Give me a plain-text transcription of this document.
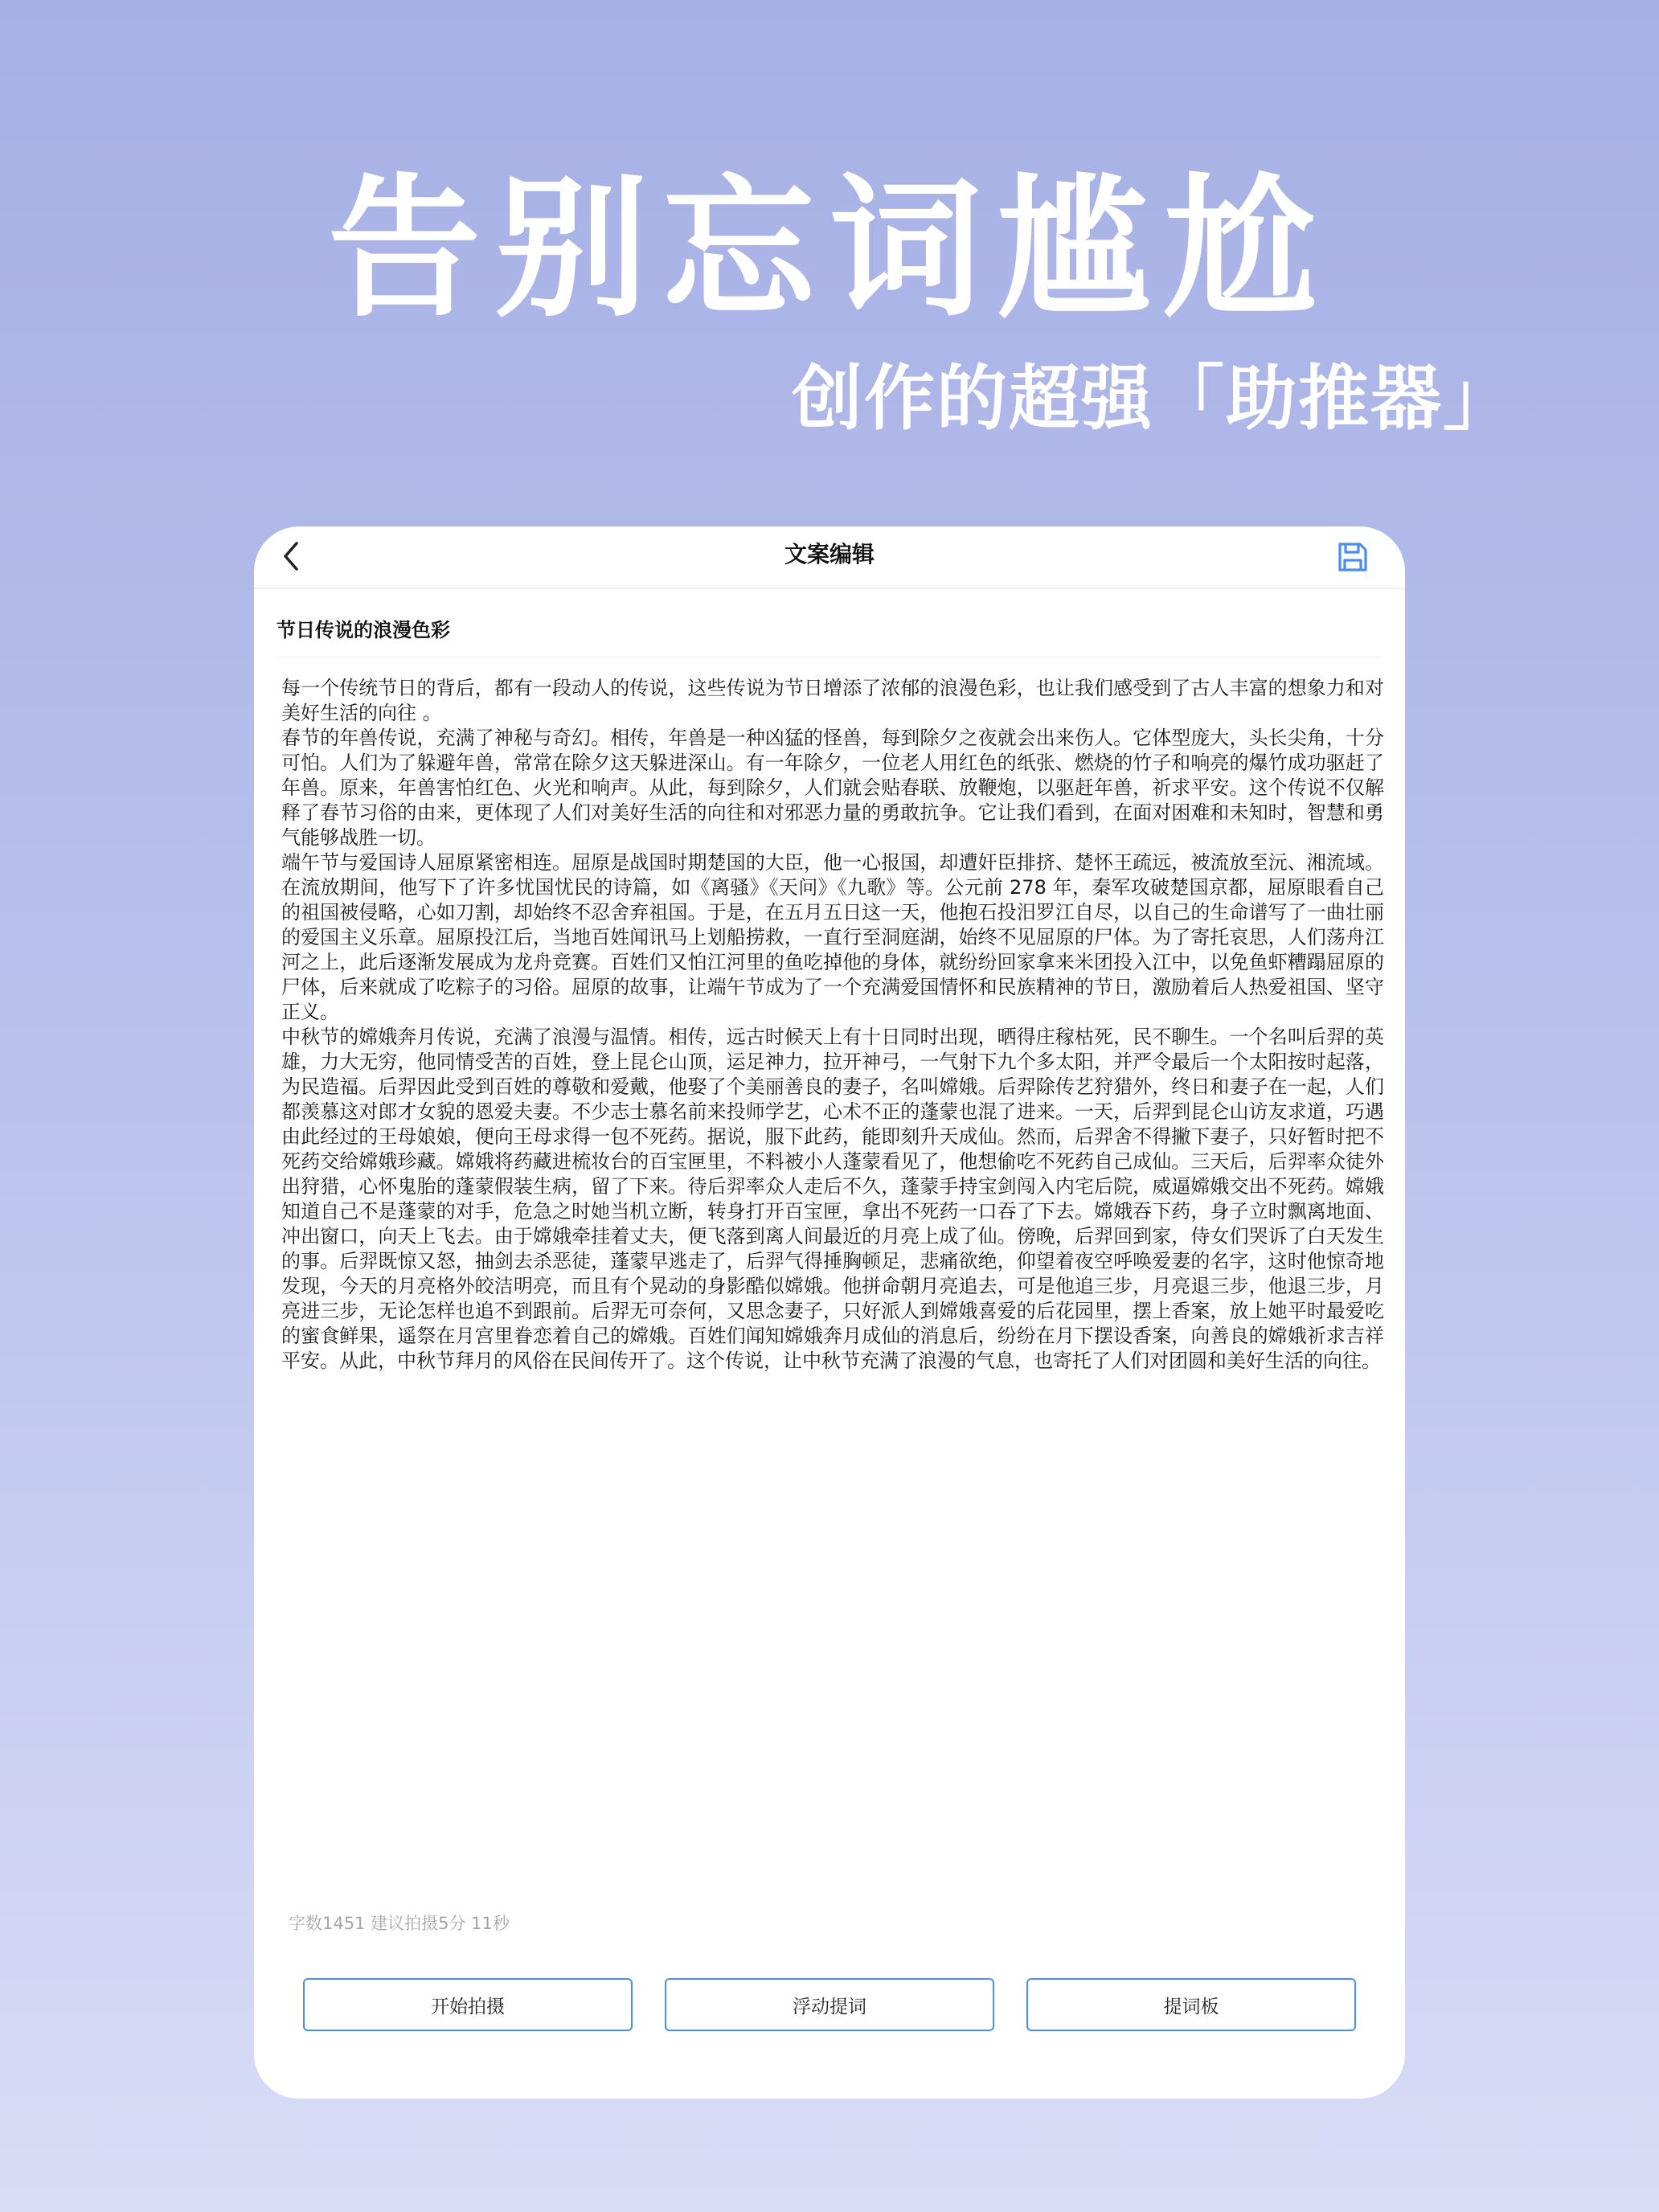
告别忘词尴尬
创作的超强「助推器」
文案编辑
节日传说的浪漫色彩

每一个传统节日的背后，都有一段动人的传说，这些传说为节日增添了浓郁的浪漫色彩，也让我们感受到了古人丰富的想象力和对美好生活的向往 。

春节的年兽传说，充满了神秘与奇幻。相传，年兽是一种凶猛的怪兽，每到除夕之夜就会出来伤人。它体型庞大，头长尖角，十分可怕。人们为了躲避年兽，常常在除夕这天躲进深山。有一年除夕，一位老人用红色的纸张、燃烧的竹子和响亮的爆竹成功驱赶了年兽。原来，年兽害怕红色、火光和响声。从此，每到除夕，人们就会贴春联、放鞭炮，以驱赶年兽，祈求平安。这个传说不仅解释了春节习俗的由来，更体现了人们对美好生活的向往和对邪恶力量的勇敢抗争。它让我们看到，在面对困难和未知时，智慧和勇气能够战胜一切。

端午节与爱国诗人屈原紧密相连。屈原是战国时期楚国的大臣，他一心报国，却遭奸臣排挤、楚怀王疏远，被流放至沅、湘流域。在流放期间，他写下了许多忧国忧民的诗篇，如《离骚》《天问》《九歌》等。公元前 278 年，秦军攻破楚国京都，屈原眼看自己的祖国被侵略，心如刀割，却始终不忍舍弃祖国。于是，在五月五日这一天，他抱石投汨罗江自尽，以自己的生命谱写了一曲壮丽的爱国主义乐章。屈原投江后，当地百姓闻讯马上划船捞救，一直行至洞庭湖，始终不见屈原的尸体。为了寄托哀思，人们荡舟江河之上，此后逐渐发展成为龙舟竞赛。百姓们又怕江河里的鱼吃掉他的身体，就纷纷回家拿来米团投入江中，以免鱼虾糟蹋屈原的尸体，后来就成了吃粽子的习俗。屈原的故事，让端午节成为了一个充满爱国情怀和民族精神的节日，激励着后人热爱祖国、坚守正义。

中秋节的嫦娥奔月传说，充满了浪漫与温情。相传，远古时候天上有十日同时出现，晒得庄稼枯死，民不聊生。一个名叫后羿的英雄，力大无穷，他同情受苦的百姓，登上昆仑山顶，运足神力，拉开神弓，一气射下九个多太阳，并严令最后一个太阳按时起落，为民造福。后羿因此受到百姓的尊敬和爱戴，他娶了个美丽善良的妻子，名叫嫦娥。后羿除传艺狩猎外，终日和妻子在一起，人们都羡慕这对郎才女貌的恩爱夫妻。不少志士慕名前来投师学艺，心术不正的蓬蒙也混了进来。一天，后羿到昆仑山访友求道，巧遇由此经过的王母娘娘，便向王母求得一包不死药。据说，服下此药，能即刻升天成仙。然而，后羿舍不得撇下妻子，只好暂时把不死药交给嫦娥珍藏。嫦娥将药藏进梳妆台的百宝匣里，不料被小人蓬蒙看见了，他想偷吃不死药自己成仙。三天后，后羿率众徒外出狩猎，心怀鬼胎的蓬蒙假装生病，留了下来。待后羿率众人走后不久，蓬蒙手持宝剑闯入内宅后院，威逼嫦娥交出不死药。嫦娥知道自己不是蓬蒙的对手，危急之时她当机立断，转身打开百宝匣，拿出不死药一口吞了下去。嫦娥吞下药，身子立时飘离地面、冲出窗口，向天上飞去。由于嫦娥牵挂着丈夫，便飞落到离人间最近的月亮上成了仙。傍晚，后羿回到家，侍女们哭诉了白天发生的事。后羿既惊又怒，抽剑去杀恶徒，蓬蒙早逃走了，后羿气得捶胸顿足，悲痛欲绝，仰望着夜空呼唤爱妻的名字，这时他惊奇地发现，今天的月亮格外皎洁明亮，而且有个晃动的身影酷似嫦娥。他拼命朝月亮追去，可是他追三步，月亮退三步，他退三步，月亮进三步，无论怎样也追不到跟前。后羿无可奈何，又思念妻子，只好派人到嫦娥喜爱的后花园里，摆上香案，放上她平时最爱吃的蜜食鲜果，遥祭在月宫里眷恋着自己的嫦娥。百姓们闻知嫦娥奔月成仙的消息后，纷纷在月下摆设香案，向善良的嫦娥祈求吉祥平安。从此，中秋节拜月的风俗在民间传开了。这个传说，让中秋节充满了浪漫的气息，也寄托了人们对团圆和美好生活的向往。

字数1451 建议拍摄5分 11秒
开始拍摄	浮动提词	提词板
